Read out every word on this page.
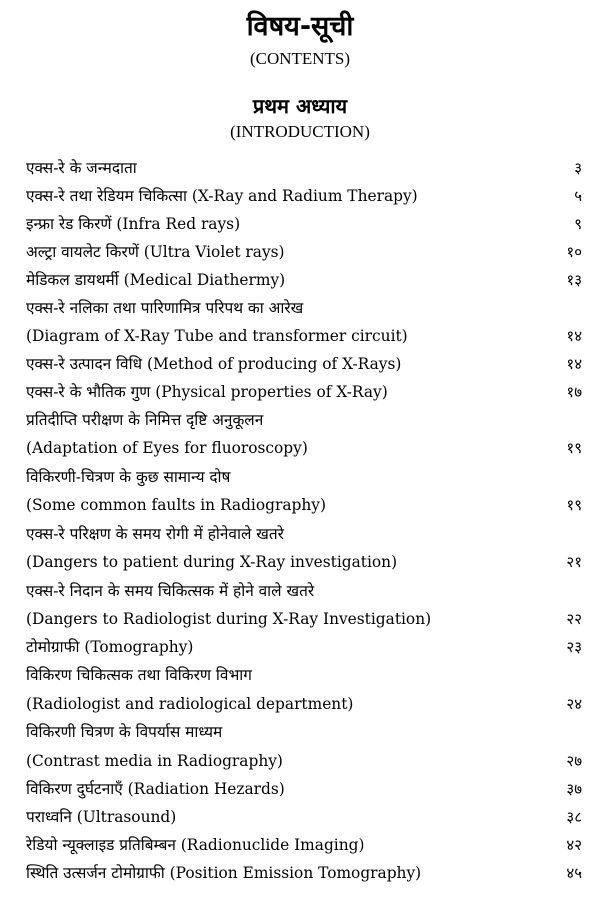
विषय-सूची
(CONTENTS)
प्रथम अध्याय
(INTRODUCTION)
एक्स-रे के जन्मदाता	३
एक्स-रे तथा रेडियम चिकित्सा (X-Ray and Radium Therapy)	५
इन्फ्रा रेड किरणें (Infra Red rays)	९
अल्ट्रा वायलेट किरणें (Ultra Violet rays)	१०
मेडिकल डायथर्मी (Medical Diathermy)	१३
एक्स-रे नलिका तथा पारिणामित्र परिपथ का आरेख
(Diagram of X-Ray Tube and transformer circuit)	१४
एक्स-रे उत्पादन विधि (Method of producing of X-Rays)	१४
एक्स-रे के भौतिक गुण (Physical properties of X-Ray)	१७
प्रतिदीप्ति परीक्षण के निमित्त दृष्टि अनुकूलन
(Adaptation of Eyes for fluoroscopy)	१९
विकिरणी-चित्रण के कुछ सामान्य दोष
(Some common faults in Radiography)	१९
एक्स-रे परिक्षण के समय रोगी में होनेवाले खतरे
(Dangers to patient during X-Ray investigation)	२१
एक्स-रे निदान के समय चिकित्सक में होने वाले खतरे
(Dangers to Radiologist during X-Ray Investigation)	२२
टोमोग्राफी (Tomography)	२३
विकिरण चिकित्सक तथा विकिरण विभाग
(Radiologist and radiological department)	२४
विकिरणी चित्रण के विपर्यास माध्यम
(Contrast media in Radiography)	२७
विकिरण दुर्घटनाएँ (Radiation Hezards)	३७
पराध्वनि (Ultrasound)	३८
रेडियो न्यूक्लाइड प्रतिबिम्बन (Radionuclide Imaging)	४२
स्थिति उत्सर्जन टोमोग्राफी (Position Emission Tomography)	४५
